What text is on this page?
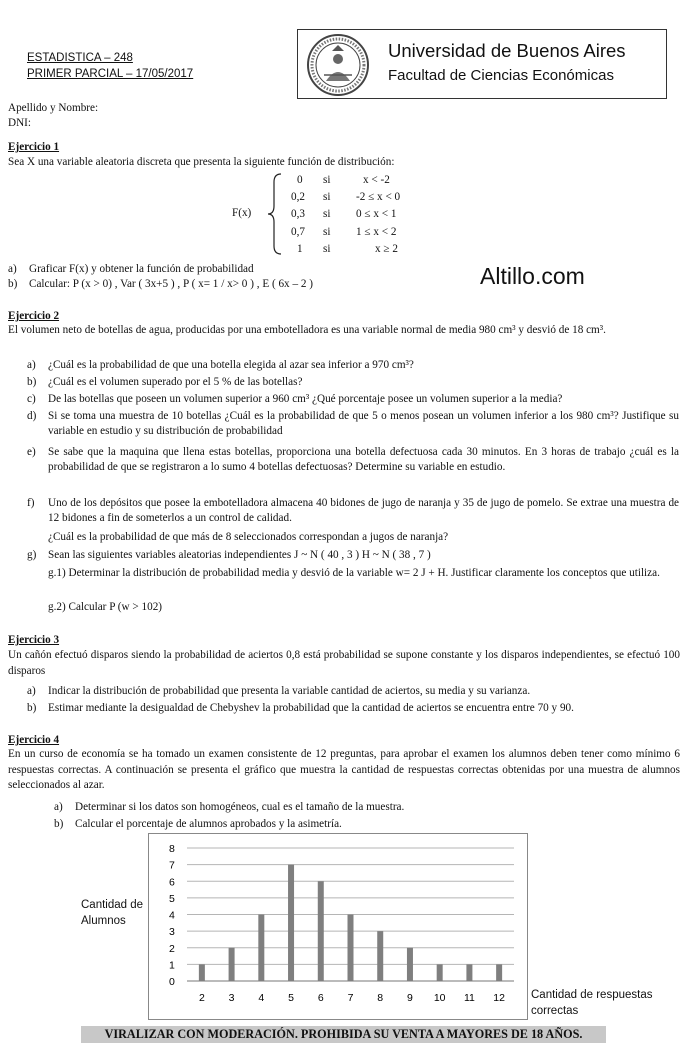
ESTADISTICA – 248
PRIMER PARCIAL – 17/05/2017
Universidad de Buenos Aires
Facultad de Ciencias Económicas
Apellido y Nombre:
DNI:
Ejercicio 1
Sea X una variable aleatoria discreta que presenta la siguiente función de distribución:
F(x)
0 si	x < -2
0,2 si -2 ≤ x < 0
0,3 si 0 ≤ x < 1
0,7 si 1 ≤ x < 2
1 si	x ≥ 2
a) Graficar F(x) y obtener la función de probabilidad
b) Calcular: P (x > 0) , Var ( 3x+5 ) , P ( x= 1 / x> 0 ) , E ( 6x – 2 )	Altillo.com
Ejercicio 2
El volumen neto de botellas de agua, producidas por una embotelladora es una variable normal de media 980 cm³ y desvió de 18 cm³.
a) ¿Cuál es la probabilidad de que una botella elegida al azar sea inferior a 970 cm³?
b) ¿Cuál es el volumen superado por el 5 % de las botellas?
c) De las botellas que poseen un volumen superior a 960 cm³ ¿Qué porcentaje posee un volumen superior a la media?
d) Si se toma una muestra de 10 botellas ¿Cuál es la probabilidad de que 5 o menos posean un volumen inferior a los 980 cm³? Justifique su variable en estudio y su distribución de probabilidad
e) Se sabe que la maquina que llena estas botellas, proporciona una botella defectuosa cada 30 minutos. En 3 horas de trabajo ¿cuál es la probabilidad de que se registraron a lo sumo 4 botellas defectuosas? Determine su variable en estudio.
f) Uno de los depósitos que posee la embotelladora almacena 40 bidones de jugo de naranja y 35 de jugo de pomelo. Se extrae una muestra de 12 bidones a fin de someterlos a un control de calidad.
¿Cuál es la probabilidad de que más de 8 seleccionados correspondan a jugos de naranja?
g) Sean las siguientes variables aleatorias independientes J ~ N ( 40 , 3 ) H ~ N ( 38 , 7 )
g.1) Determinar la distribución de probabilidad media y desvió de la variable w= 2 J + H. Justificar claramente los conceptos que utiliza.
g.2) Calcular P (w > 102)
Ejercicio 3
Un cañón efectuó disparos siendo la probabilidad de aciertos 0,8 está probabilidad se supone constante y los disparos independientes, se efectuó 100 disparos
a) Indicar la distribución de probabilidad que presenta la variable cantidad de aciertos, su media y su varianza.
b) Estimar mediante la desigualdad de Chebyshev la probabilidad que la cantidad de aciertos se encuentra entre 70 y 90.
Ejercicio 4
En un curso de economía se ha tomado un examen consistente de 12 preguntas, para aprobar el examen los alumnos deben tener como mínimo 6 respuestas correctas. A continuación se presenta el gráfico que muestra la cantidad de respuestas correctas obtenidas por una muestra de alumnos seleccionados al azar.
a) Determinar si los datos son homogéneos, cual es el tamaño de la muestra.
b) Calcular el porcentaje de alumnos aprobados y la asimetría.
Cantidad de
Alumnos
0
1
2
3
4
5
6
7
8
2 3 4 5 6 7 8 9 10 11 12 Cantidad de respuestas
correctas
VIRALIZAR CON MODERACIÓN. PROHIBIDA SU VENTA A MAYORES DE 18 AÑOS.
